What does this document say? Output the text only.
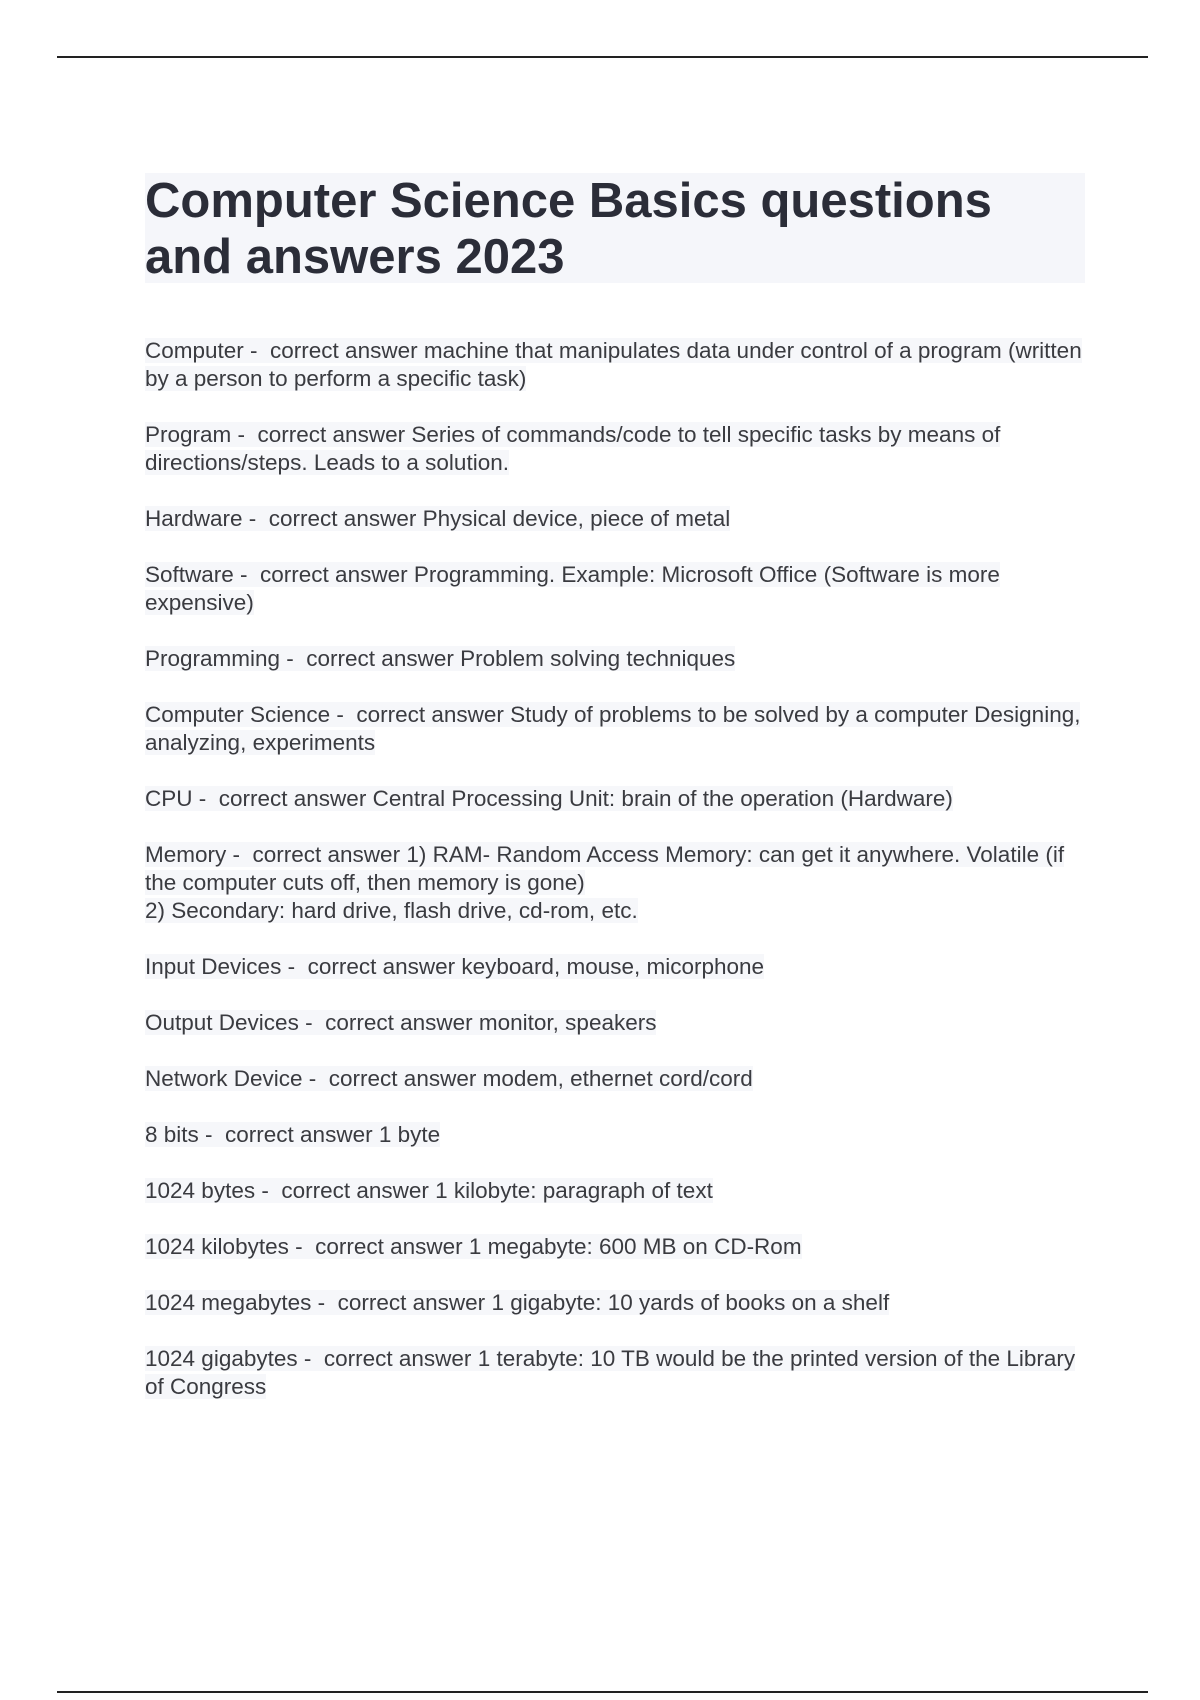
Computer Science Basics questions and answers 2023

Computer -  correct answer machine that manipulates data under control of a program (written by a person to perform a specific task)

Program -  correct answer Series of commands/code to tell specific tasks by means of directions/steps. Leads to a solution.

Hardware -  correct answer Physical device, piece of metal

Software -  correct answer Programming. Example: Microsoft Office (Software is more expensive)

Programming -  correct answer Problem solving techniques

Computer Science -  correct answer Study of problems to be solved by a computer Designing, analyzing, experiments

CPU -  correct answer Central Processing Unit: brain of the operation (Hardware)

Memory -  correct answer 1) RAM- Random Access Memory: can get it anywhere. Volatile (if the computer cuts off, then memory is gone)
2) Secondary: hard drive, flash drive, cd-rom, etc.

Input Devices -  correct answer keyboard, mouse, micorphone

Output Devices -  correct answer monitor, speakers

Network Device -  correct answer modem, ethernet cord/cord

8 bits -  correct answer 1 byte

1024 bytes -  correct answer 1 kilobyte: paragraph of text

1024 kilobytes -  correct answer 1 megabyte: 600 MB on CD-Rom

1024 megabytes -  correct answer 1 gigabyte: 10 yards of books on a shelf

1024 gigabytes -  correct answer 1 terabyte: 10 TB would be the printed version of the Library of Congress
